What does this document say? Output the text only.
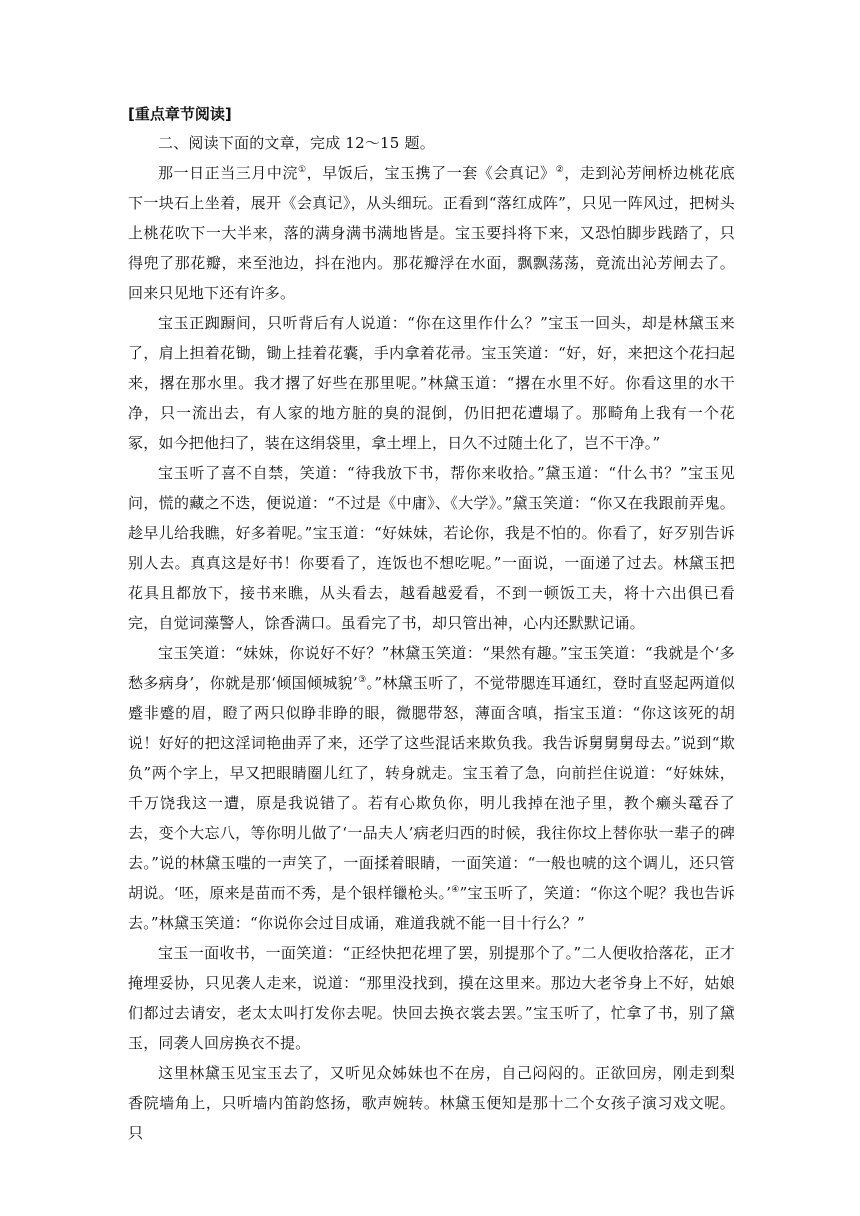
[重点章节阅读]

二、阅读下面的文章，完成 12～15 题。

那一日正当三月中浣①，早饭后，宝玉携了一套《会真记》②，走到沁芳闸桥边桃花底下一块石上坐着，展开《会真记》，从头细玩。正看到“落红成阵”，只见一阵风过，把树头上桃花吹下一大半来，落的满身满书满地皆是。宝玉要抖将下来，又恐怕脚步践踏了，只得兜了那花瓣，来至池边，抖在池内。那花瓣浮在水面，飘飘荡荡，竟流出沁芳闸去了。回来只见地下还有许多。

宝玉正踟蹰间，只听背后有人说道：“你在这里作什么？”宝玉一回头，却是林黛玉来了，肩上担着花锄，锄上挂着花囊，手内拿着花帚。宝玉笑道：“好，好，来把这个花扫起来，撂在那水里。我才撂了好些在那里呢。”林黛玉道：“撂在水里不好。你看这里的水干净，只一流出去，有人家的地方脏的臭的混倒，仍旧把花遭塌了。那畸角上我有一个花冢，如今把他扫了，装在这绢袋里，拿土埋上，日久不过随土化了，岂不干净。”

宝玉听了喜不自禁，笑道：“待我放下书，帮你来收拾。”黛玉道：“什么书？”宝玉见问，慌的藏之不迭，便说道：“不过是《中庸》、《大学》。”黛玉笑道：“你又在我跟前弄鬼。趁早儿给我瞧，好多着呢。”宝玉道：“好妹妹，若论你，我是不怕的。你看了，好歹别告诉别人去。真真这是好书！你要看了，连饭也不想吃呢。”一面说，一面递了过去。林黛玉把花具且都放下，接书来瞧，从头看去，越看越爱看，不到一顿饭工夫，将十六出俱已看完，自觉词藻警人，馀香满口。虽看完了书，却只管出神，心内还默默记诵。

宝玉笑道：“妹妹，你说好不好？”林黛玉笑道：“果然有趣。”宝玉笑道：“我就是个‘多愁多病身’，你就是那‘倾国倾城貌’③。”林黛玉听了，不觉带腮连耳通红，登时直竖起两道似蹙非蹙的眉，瞪了两只似睁非睁的眼，微腮带怒，薄面含嗔，指宝玉道：“你这该死的胡说！好好的把这淫词艳曲弄了来，还学了这些混话来欺负我。我告诉舅舅舅母去。”说到“欺负”两个字上，早又把眼睛圈儿红了，转身就走。宝玉着了急，向前拦住说道：“好妹妹，千万饶我这一遭，原是我说错了。若有心欺负你，明儿我掉在池子里，教个癞头鼋吞了去，变个大忘八，等你明儿做了‘一品夫人’病老归西的时候，我往你坟上替你驮一辈子的碑去。”说的林黛玉嗤的一声笑了，一面揉着眼睛，一面笑道：“一般也唬的这个调儿，还只管胡说。‘呸，原来是苗而不秀，是个银样镴枪头。’④”宝玉听了，笑道：“你这个呢？我也告诉去。”林黛玉笑道：“你说你会过目成诵，难道我就不能一目十行么？”

宝玉一面收书，一面笑道：“正经快把花埋了罢，别提那个了。”二人便收拾落花，正才掩埋妥协，只见袭人走来，说道：“那里没找到，摸在这里来。那边大老爷身上不好，姑娘们都过去请安，老太太叫打发你去呢。快回去换衣裳去罢。”宝玉听了，忙拿了书，别了黛玉，同袭人回房换衣不提。

这里林黛玉见宝玉去了，又听见众姊妹也不在房，自己闷闷的。正欲回房，刚走到梨香院墙角上，只听墙内笛韵悠扬，歌声婉转。林黛玉便知是那十二个女孩子演习戏文呢。只
